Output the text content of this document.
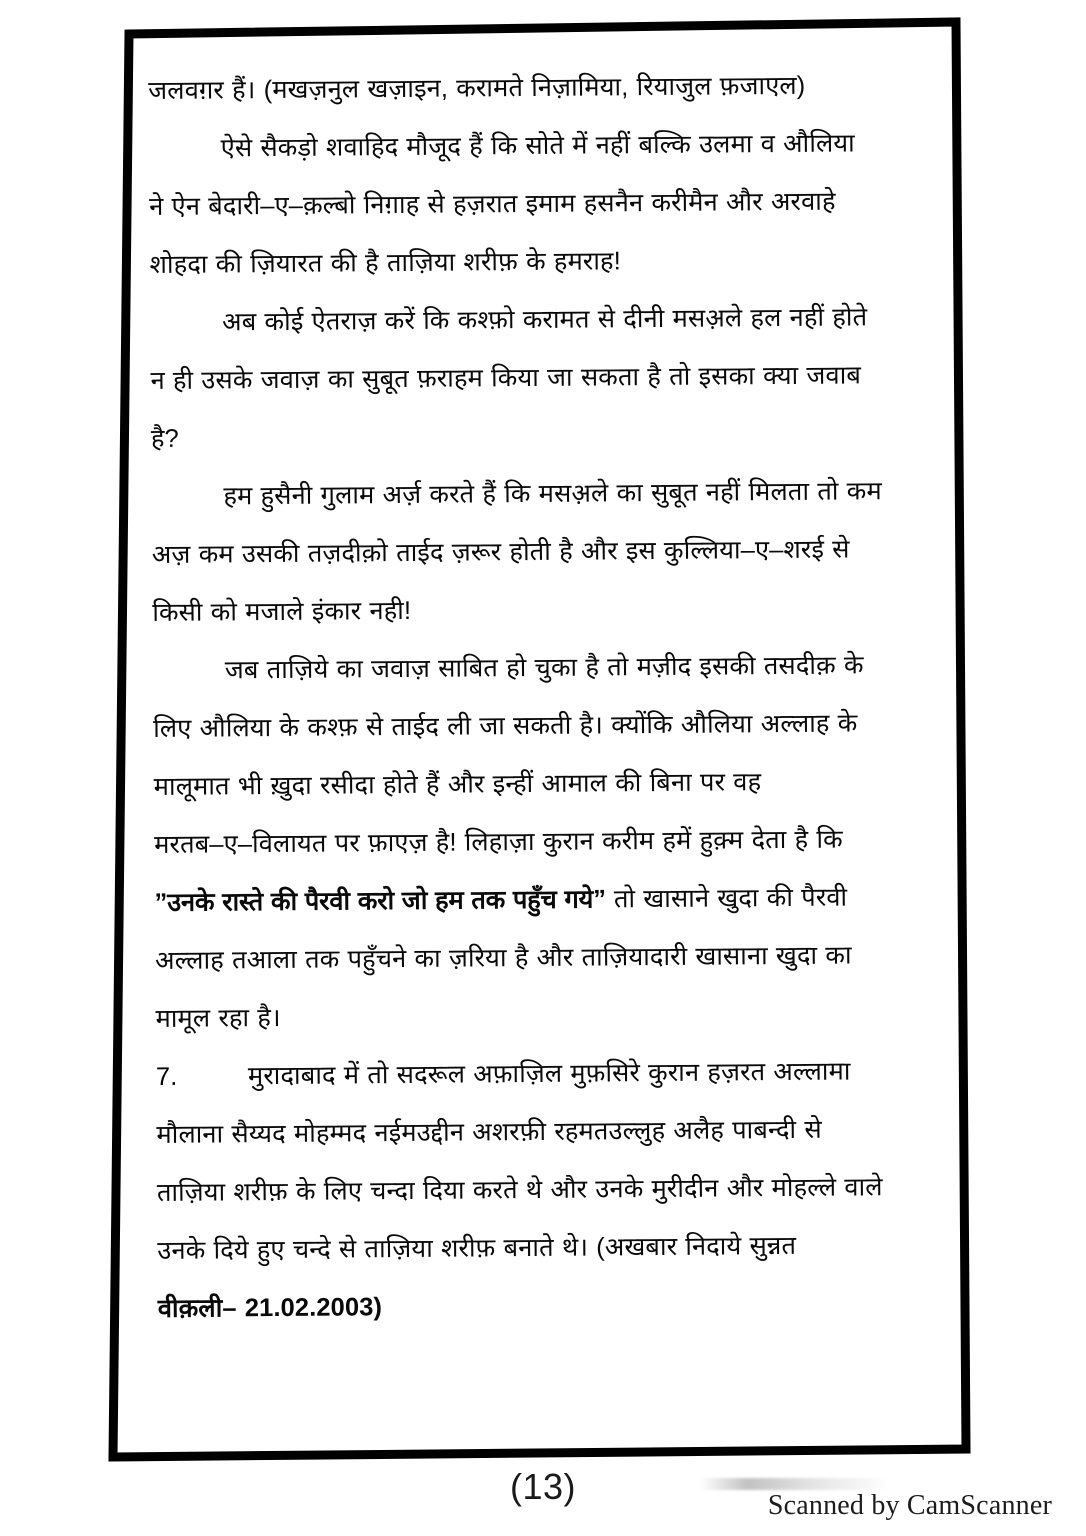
जलवग़र हैं। (मखज़नुल खज़ाइन, करामते निज़ामिया, रियाजुल फ़जाएल)

ऐसे सैकड़ो शवाहिद मौजूद हैं कि सोते में नहीं बल्कि उलमा व औलिया
ने ऐन बेदारी–ए–क़ल्बो निग़ाह से हज़रात इमाम हसनैन करीमैन और अरवाहे
शोहदा की ज़ियारत की है ताज़िया शरीफ़ के हमराह!

अब कोई ऐतराज़ करें कि कश्फ़ो करामत से दीनी मसअ़ले हल नहीं होते
न ही उसके जवाज़ का सुबूत फ़राहम किया जा सकता है तो इसका क्या जवाब
है?

हम हुसैनी गुलाम अर्ज़ करते हैं कि मसअ़ले का सुबूत नहीं मिलता तो कम
अज़ कम उसकी तज़दीक़ो ताईद ज़रूर होती है और इस कुल्लिया–ए–शरई से
किसी को मजाले इंकार नही!

जब ताज़िये का जवाज़ साबित हो चुका है तो मज़ीद इसकी तसदीक़ के
लिए औलिया के कश्फ़ से ताईद ली जा सकती है। क्योंकि औलिया अल्लाह के
मालूमात भी ख़ुदा रसीदा होते हैं और इन्हीं आमाल की बिना पर वह
मरतब–ए–विलायत पर फ़ाएज़ है! लिहाज़ा कुरान करीम हमें हुक़्म देता है कि
”उनके रास्ते की पैरवी करो जो हम तक पहुँच गये” तो खासाने खुदा की पैरवी
अल्लाह तआला तक पहुँचने का ज़रिया है और ताज़ियादारी खासाना खुदा का
मामूल रहा है।

7.	मुरादाबाद में तो सदरूल अफ़ाज़िल मुफ़सिरे कुरान हज़रत अल्लामा

मौलाना सैय्यद मोहम्मद नईमउद्दीन अशरफ़ी रहमतउल्लुह अलैह पाबन्दी से
ताज़िया शरीफ़ के लिए चन्दा दिया करते थे और उनके मुरीदीन और मोहल्ले वाले
उनके दिये हुए चन्दे से ताज़िया शरीफ़ बनाते थे। (अखबार निदाये सुन्नत
वीक़ली– 21.02.2003)

(13)	Scanned by CamScanner
